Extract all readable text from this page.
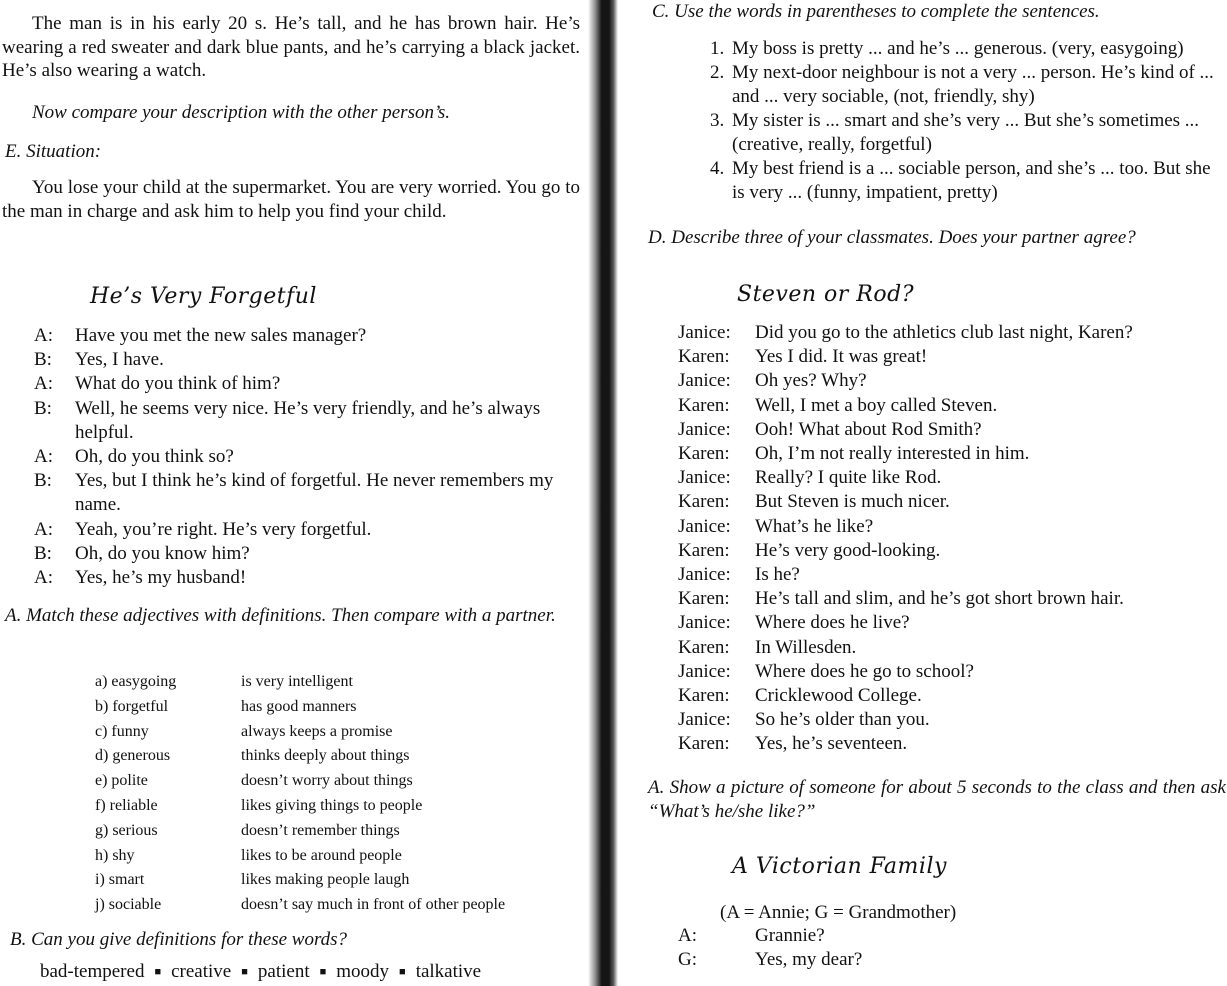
The man is in his early 20 s. He’s tall, and he has brown hair. He’s wearing a red sweater and dark blue pants, and he’s carrying a black jacket. He’s also wearing a watch.

Now compare your description with the other person’s.

E. Situation:

You lose your child at the supermarket. You are very worried. You go to the man in charge and ask him to help you find your child.

He’s Very Forgetful
A:	Have you met the new sales manager?
B:	Yes, I have.
A:	What do you think of him?
B:	Well, he seems very nice. He’s very friendly, and he’s always helpful.
A:	Oh, do you think so?
B:	Yes, but I think he’s kind of forgetful. He never remembers my name.
A:	Yeah, you’re right. He’s very forgetful.
B:	Oh, do you know him?
A:	Yes, he’s my husband!

A. Match these adjectives with definitions. Then compare with a partner.

a) easygoing	is very intelligent
b) forgetful	has good manners
c) funny	always keeps a promise
d) generous	thinks deeply about things
e) polite	doesn’t worry about things
f) reliable	likes giving things to people
g) serious	doesn’t remember things
h) shy	likes to be around people
i) smart	likes making people laugh
j) sociable	doesn’t say much in front of other people

B. Can you give definitions for these words?

bad-tempered ■ creative ■ patient ■ moody ■ talkative

C. Use the words in parentheses to complete the sentences.

1. My boss is pretty ... and he’s ... generous. (very, easygoing)
2. My next-door neighbour is not a very ... person. He’s kind of ... and ... very sociable, (not, friendly, shy)
3. My sister is ... smart and she’s very ... But she’s sometimes ... (creative, really, forgetful)
4. My best friend is a ... sociable person, and she’s ... too. But she is very ... (funny, impatient, pretty)

D. Describe three of your classmates. Does your partner agree?

Steven or Rod?
Janice:	Did you go to the athletics club last night, Karen?
Karen:	Yes I did. It was great!
Janice:	Oh yes? Why?
Karen:	Well, I met a boy called Steven.
Janice:	Ooh! What about Rod Smith?
Karen:	Oh, I’m not really interested in him.
Janice:	Really? I quite like Rod.
Karen:	But Steven is much nicer.
Janice:	What’s he like?
Karen:	He’s very good-looking.
Janice:	Is he?
Karen:	He’s tall and slim, and he’s got short brown hair.
Janice:	Where does he live?
Karen:	In Willesden.
Janice:	Where does he go to school?
Karen:	Cricklewood College.
Janice:	So he’s older than you.
Karen:	Yes, he’s seventeen.

A. Show a picture of someone for about 5 seconds to the class and then ask “What’s he/she like?”

A Victorian Family

(A = Annie; G = Grandmother)

A:	Grannie?
G:	Yes, my dear?
